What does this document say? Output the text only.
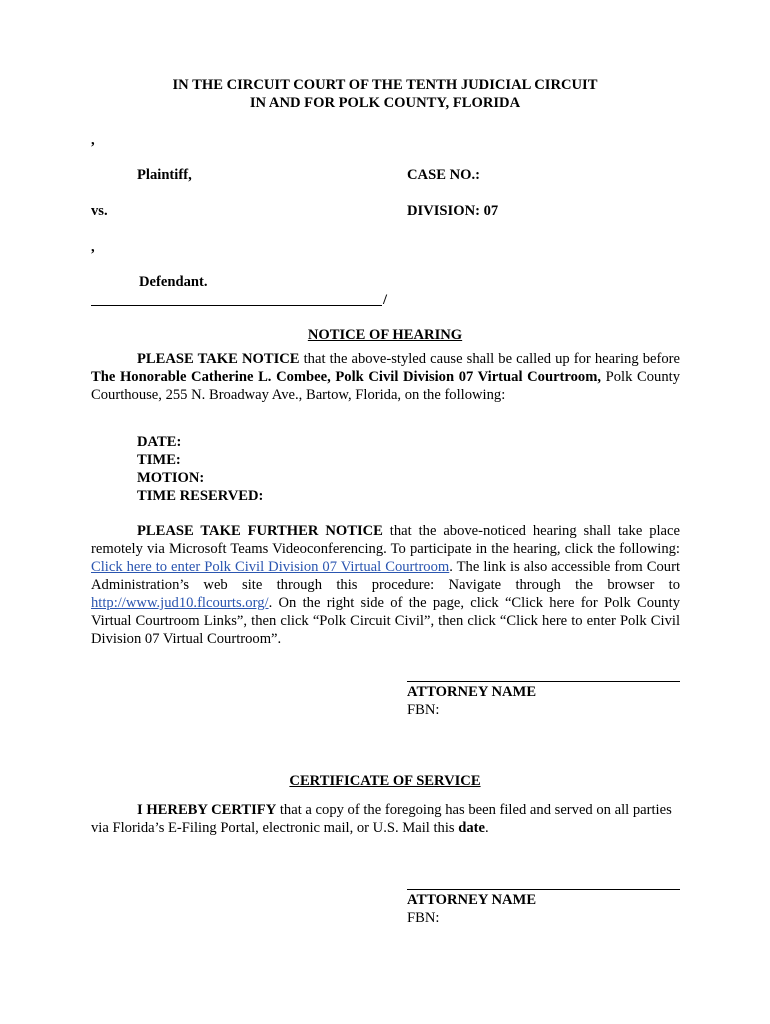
IN THE CIRCUIT COURT OF THE TENTH JUDICIAL CIRCUIT
IN AND FOR POLK COUNTY, FLORIDA
,
Plaintiff,	CASE NO.:
vs.	DIVISION: 07
,
Defendant.
/
NOTICE OF HEARING

PLEASE TAKE NOTICE that the above-styled cause shall be called up for hearing before The Honorable Catherine L. Combee, Polk Civil Division 07 Virtual Courtroom, Polk County Courthouse, 255 N. Broadway Ave., Bartow, Florida, on the following:

DATE:
TIME:
MOTION:
TIME RESERVED:

PLEASE TAKE FURTHER NOTICE that the above-noticed hearing shall take place remotely via Microsoft Teams Videoconferencing. To participate in the hearing, click the following: Click here to enter Polk Civil Division 07 Virtual Courtroom. The link is also accessible from Court Administration’s web site through this procedure: Navigate through the browser to http://www.jud10.flcourts.org/. On the right side of the page, click “Click here for Polk County Virtual Courtroom Links”, then click “Polk Circuit Civil”, then click “Click here to enter Polk Civil Division 07 Virtual Courtroom”.

ATTORNEY NAME
FBN:
CERTIFICATE OF SERVICE

I HEREBY CERTIFY that a copy of the foregoing has been filed and served on all parties via Florida’s E-Filing Portal, electronic mail, or U.S. Mail this date.

ATTORNEY NAME
FBN:
